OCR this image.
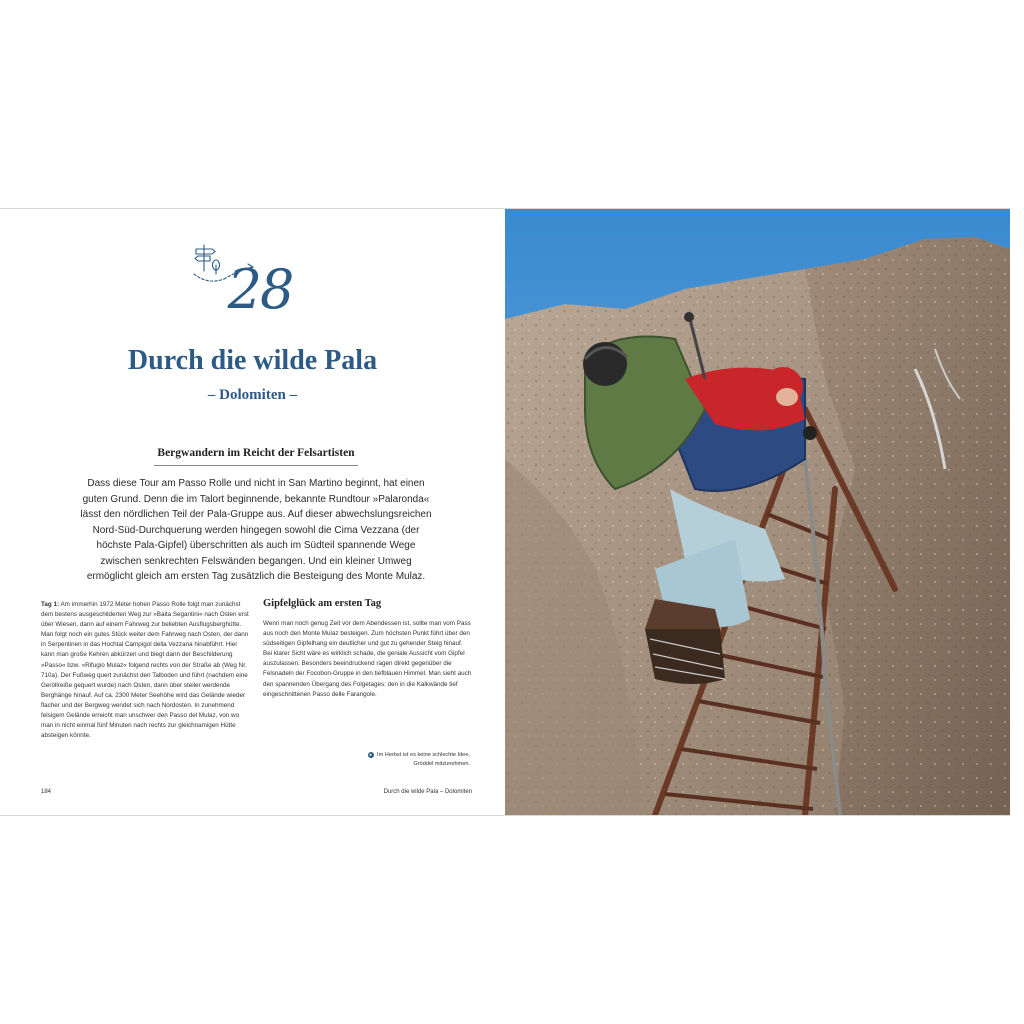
28
Durch die wilde Pala
– Dolomiten –
Bergwandern im Reicht der Felsartisten
Dass diese Tour am Passo Rolle und nicht in San Martino beginnt, hat einen guten Grund. Denn die im Talort beginnende, bekannte Rundtour »Palaronda« lässt den nördlichen Teil der Pala-Gruppe aus. Auf dieser abwechslungsreichen Nord-Süd-Durchquerung werden hingegen sowohl die Cima Vezzana (der höchste Pala-Gipfel) überschritten als auch im Südteil spannende Wege zwischen senkrechten Felswänden begangen. Und ein kleiner Umweg ermöglicht gleich am ersten Tag zusätzlich die Besteigung des Monte Mulaz.
Tag 1: Am immerhin 1972 Meter hohen Passo Rolle folgt man zunächst dem bestens ausgeschilderten Weg zur »Baita Segantini« nach Osten erst über Wiesen, dann auf einem Fahrweg zur beliebten Ausflugsberghütte. Man folgt noch ein gutes Stück weiter dem Fahrweg nach Osten, der dann in Serpentinen in das Hochtal Campigol della Vezzana hinabführt. Hier kann man große Kehren abkürzen und biegt dann der Beschilderung »Passo« bzw. »Rifugio Mulaz« folgend rechts von der Straße ab (Weg Nr. 710a). Der Fußweg quert zunächst den Talboden und führt (nachdem eine Geröllreiße gequert wurde) nach Osten, dann über steiler werdende Berghänge hinauf. Auf ca. 2300 Meter Seehöhe wird das Gelände wieder flacher und der Bergweg wendet sich nach Nordosten. In zunehmend felsigem Gelände erreicht man unschwer den Passo del Mulaz, von wo man in nicht einmal fünf Minuten nach rechts zur gleichnamigen Hütte absteigen könnte.
Gipfelglück am ersten Tag
Wenn man noch genug Zeit vor dem Abendessen ist, sollte man vom Pass aus noch den Monte Mulaz besteigen. Zum höchsten Punkt führt über den südseitigen Gipfelhang ein deutlicher und gut zu gehender Steig hinauf. Bei klarer Sicht wäre es wirklich schade, die geniale Aussicht vom Gipfel auszulassen. Besonders beeindruckend ragen direkt gegenüber die Felsnadeln der Focobon-Gruppe in den tiefblauen Himmel. Man sieht auch den spannenden Übergang des Folgetages: den in die Kalkwände tief eingeschnittenen Passo delle Farangole.
▸ Im Herbst ist es keine schlechte Idee,
Gröddel mitzunehmen.
184	Durch die wilde Pala – Dolomiten
